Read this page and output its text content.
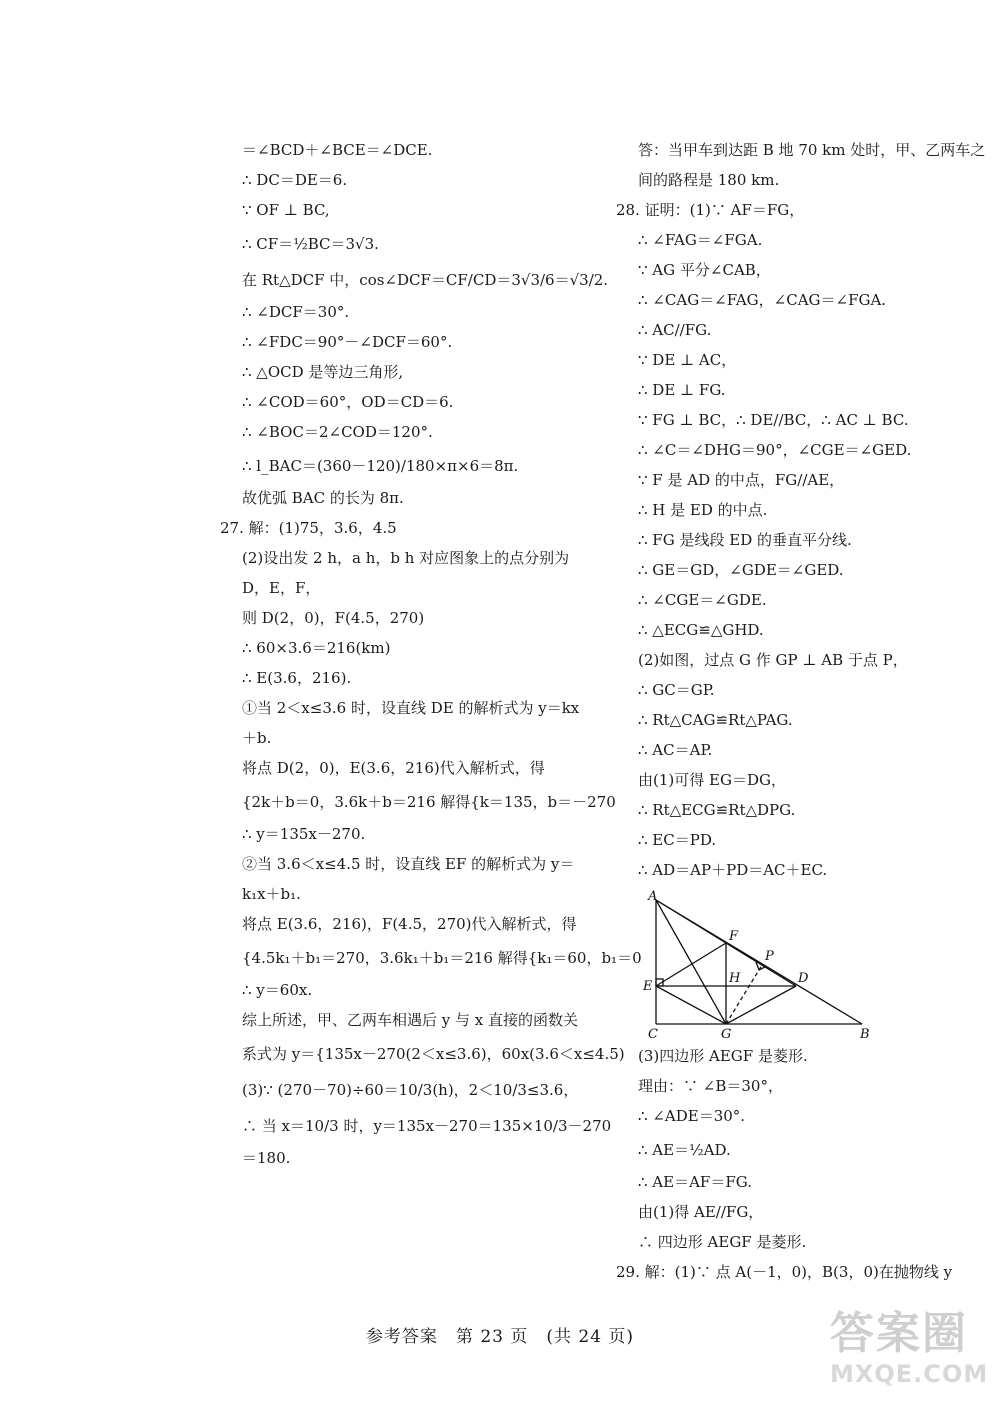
＝∠BCD＋∠BCE＝∠DCE.
∴ DC＝DE＝6.
∵ OF ⊥ BC,
∴ CF＝½BC＝3√3.
在 Rt△DCF 中，cos∠DCF＝CF/CD＝3√3/6＝√3/2.
∴ ∠DCF＝30°.
∴ ∠FDC＝90°－∠DCF＝60°.
∴ △OCD 是等边三角形,
∴ ∠COD＝60°，OD＝CD＝6.
∴ ∠BOC＝2∠COD＝120°.
∴ l_BAC＝(360－120)/180×π×6＝8π.
故优弧 BAC 的长为 8π.
27. 解：(1)75，3.6，4.5
(2)设出发 2 h，a h，b h 对应图象上的点分别为
D，E，F，
则 D(2，0)，F(4.5，270)
∴ 60×3.6＝216(km)
∴ E(3.6，216).
①当 2＜x≤3.6 时，设直线 DE 的解析式为 y＝kx
＋b.
将点 D(2，0)，E(3.6，216)代入解析式，得
{2k＋b＝0，3.6k＋b＝216 解得{k＝135，b＝－270
∴ y＝135x－270.
②当 3.6＜x≤4.5 时，设直线 EF 的解析式为 y＝
k₁x＋b₁.
将点 E(3.6，216)，F(4.5，270)代入解析式，得
{4.5k₁＋b₁＝270，3.6k₁＋b₁＝216 解得{k₁＝60，b₁＝0
∴ y＝60x.
综上所述，甲、乙两车相遇后 y 与 x 直接的函数关
系式为 y＝{135x－270(2＜x≤3.6)，60x(3.6＜x≤4.5)
(3)∵ (270－70)÷60＝10/3(h)，2＜10/3≤3.6，
∴ 当 x＝10/3 时，y＝135x－270＝135×10/3－270
＝180.
答：当甲车到达距 B 地 70 km 处时，甲、乙两车之
间的路程是 180 km.
28. 证明：(1)∵ AF＝FG，
∴ ∠FAG＝∠FGA.
∵ AG 平分∠CAB，
∴ ∠CAG＝∠FAG，∠CAG＝∠FGA.
∴ AC//FG.
∵ DE ⊥ AC，
∴ DE ⊥ FG.
∵ FG ⊥ BC，∴ DE//BC，∴ AC ⊥ BC.
∴ ∠C＝∠DHG＝90°，∠CGE＝∠GED.
∵ F 是 AD 的中点，FG//AE，
∴ H 是 ED 的中点.
∴ FG 是线段 ED 的垂直平分线.
∴ GE＝GD，∠GDE＝∠GED.
∴ ∠CGE＝∠GDE.
∴ △ECG≌△GHD.
(2)如图，过点 G 作 GP ⊥ AB 于点 P，
∴ GC＝GP.
∴ Rt△CAG≌Rt△PAG.
∴ AC＝AP.
由(1)可得 EG＝DG，
∴ Rt△ECG≌Rt△DPG.
∴ EC＝PD.
∴ AD＝AP＋PD＝AC＋EC.
A
F
P
H	D
E
C	G	B
(3)四边形 AEGF 是菱形.
理由：∵ ∠B＝30°，
∴ ∠ADE＝30°.
∴ AE＝½AD.
∴ AE＝AF＝FG.
由(1)得 AE//FG，
∴ 四边形 AEGF 是菱形.
29. 解：(1)∵ 点 A(－1，0)，B(3，0)在抛物线 y
参考答案　第 23 页　(共 24 页)	答案圈
MXQE.COM
